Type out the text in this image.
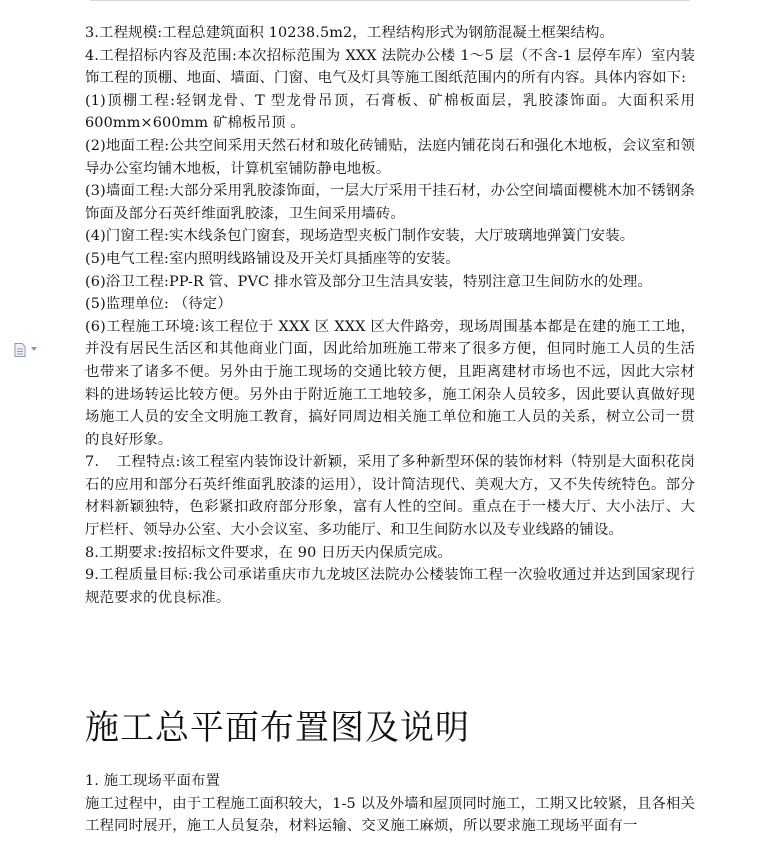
3.工程规模:工程总建筑面积 10238.5m2，工程结构形式为钢筋混凝土框架结构。

4.工程招标内容及范围:本次招标范围为 XXX 法院办公楼 1～5 层（不含-1 层停车库）室内装饰工程的顶棚、地面、墙面、门窗、电气及灯具等施工图纸范围内的所有内容。具体内容如下:

(1)顶棚工程:轻钢龙骨、T 型龙骨吊顶，石膏板、矿棉板面层，乳胶漆饰面。大面积采用 600mm×600mm 矿棉板吊顶 。

(2)地面工程:公共空间采用天然石材和玻化砖铺贴，法庭内铺花岗石和强化木地板，会议室和领导办公室均铺木地板，计算机室铺防静电地板。

(3)墙面工程:大部分采用乳胶漆饰面，一层大厅采用干挂石材，办公空间墙面樱桃木加不锈钢条饰面及部分石英纤维面乳胶漆，卫生间采用墙砖。

(4)门窗工程:实木线条包门窗套，现场造型夹板门制作安装，大厅玻璃地弹簧门安装。

(5)电气工程:室内照明线路铺设及开关灯具插座等的安装。

(6)浴卫工程:PP-R 管、PVC 排水管及部分卫生洁具安装，特别注意卫生间防水的处理。

(5)监理单位: （待定）

(6)工程施工环境:该工程位于 XXX 区 XXX 区大件路旁，现场周围基本都是在建的施工工地，并没有居民生活区和其他商业门面，因此给加班施工带来了很多方便，但同时施工人员的生活也带来了诸多不便。另外由于施工现场的交通比较方便，且距离建材市场也不远，因此大宗材料的进场转运比较方便。另外由于附近施工工地较多，施工闲杂人员较多，因此要认真做好现场施工人员的安全文明施工教育，搞好同周边相关施工单位和施工人员的关系，树立公司一贯的良好形象。

7．　工程特点:该工程室内装饰设计新颖，采用了多种新型环保的装饰材料（特别是大面积花岗石的应用和部分石英纤维面乳胶漆的运用），设计简洁现代、美观大方，又不失传统特色。部分材料新颖独特，色彩紧扣政府部分形象，富有人性的空间。重点在于一楼大厅、大小法厅、大厅栏杆、领导办公室、大小会议室、多功能厅、和卫生间防水以及专业线路的铺设。

8.工期要求:按招标文件要求，在 90 日历天内保质完成。

9.工程质量目标:我公司承诺重庆市九龙坡区法院办公楼装饰工程一次验收通过并达到国家现行规范要求的优良标准。

施工总平面布置图及说明

1. 施工现场平面布置

施工过程中，由于工程施工面积较大，1-5 以及外墙和屋顶同时施工，工期又比较紧，且各相关工程同时展开，施工人员复杂，材料运输、交叉施工麻烦，所以要求施工现场平面有一
